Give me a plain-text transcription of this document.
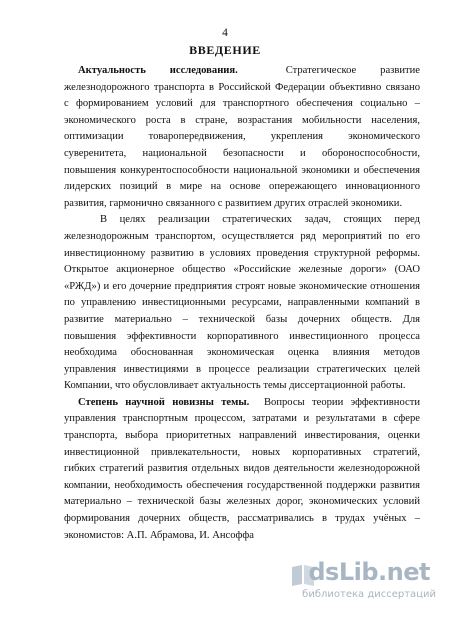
4
ВВЕДЕНИЕ
Актуальность исследования.	Стратегическое развитие
железнодорожного транспорта в Российской Федерации объективно связано
с формированием условий для транспортного обеспечения социально –
экономического роста в стране, возрастания мобильности населения,
оптимизации товаропередвижения, укрепления экономического
суверенитета, национальной безопасности и обороноспособности,
повышения конкурентоспособности национальной экономики и обеспечения
лидерских позиций в мире на основе опережающего инновационного
развития, гармонично связанного с развитием других отраслей экономики.
В целях реализации стратегических задач, стоящих перед
железнодорожным транспортом, осуществляется ряд мероприятий по его
инвестиционному развитию в условиях проведения структурной реформы.
Открытое акционерное общество «Российские железные дороги» (ОАО
«РЖД») и его дочерние предприятия строят новые экономические отношения
по управлению инвестиционными ресурсами, направленными компаний в
развитие материально – технической базы дочерних обществ. Для
повышения эффективности корпоративного инвестиционного процесса
необходима обоснованная экономическая оценка влияния методов
управления инвестициями в процессе реализации стратегических целей
Компании, что обусловливает актуальность темы диссертационной работы.
Степень научной новизны темы. Вопросы теории эффективности
управления транспортным процессом, затратами и результатами в сфере
транспорта, выбора приоритетных направлений инвестирования, оценки
инвестиционной привлекательности, новых корпоративных стратегий,
гибких стратегий развития отдельных видов деятельности железнодорожной
компании, необходимость обеспечения государственной поддержки развития
материально – технической базы железных дорог, экономических условий
формирования дочерних обществ, рассматривались в трудах учёных –
экономистов: А.П. Абрамова, И. Ансоффа
dsLib.net
библиотека диссертаций
